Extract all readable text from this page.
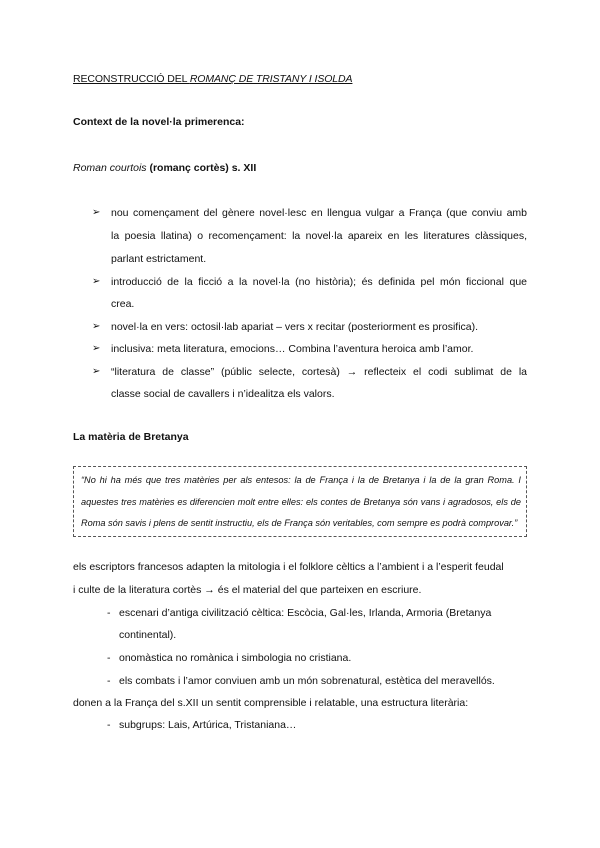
RECONSTRUCCIÓ DEL ROMANÇ DE TRISTANY I ISOLDA
Context de la novel·la primerenca:
Roman courtois (romanç cortès) s. XII
➢	nou començament del gènere novel·lesc en llengua vulgar a França (que conviu amb
la poesia llatina) o recomençament: la novel·la apareix en les literatures clàssiques,
parlant estrictament.
➢	introducció de la ficció a la novel·la (no història); és definida pel món ficcional que
crea.
➢	novel·la en vers: octosil·lab apariat – vers x recitar (posteriorment es prosifica).
➢	inclusiva: meta literatura, emocions… Combina l’aventura heroica amb l’amor.
➢	“literatura de classe” (públic selecte, cortesà) → reflecteix el codi sublimat de la
classe social de cavallers i n’idealitza els valors.
La matèria de Bretanya
“No hi ha més que tres matèries per als entesos: la de França i la de Bretanya i la de la gran Roma. I
aquestes tres matèries es diferencien molt entre elles: els contes de Bretanya són vans i agradosos, els de
Roma són savis i plens de sentit instructiu, els de França són veritables, com sempre es podrà comprovar.”
els escriptors francesos adapten la mitologia i el folklore cèltics a l’ambient i a l’esperit feudal
i culte de la literatura cortès → és el material del que parteixen en escriure.
- escenari d’antiga civilització cèltica: Escòcia, Gal·les, Irlanda, Armoria (Bretanya
continental).
- onomàstica no romànica i simbologia no cristiana.
- els combats i l’amor conviuen amb un món sobrenatural, estètica del meravellós.
donen a la França del s.XII un sentit comprensible i relatable, una estructura literària:
- subgrups: Lais, Artúrica, Tristaniana…
